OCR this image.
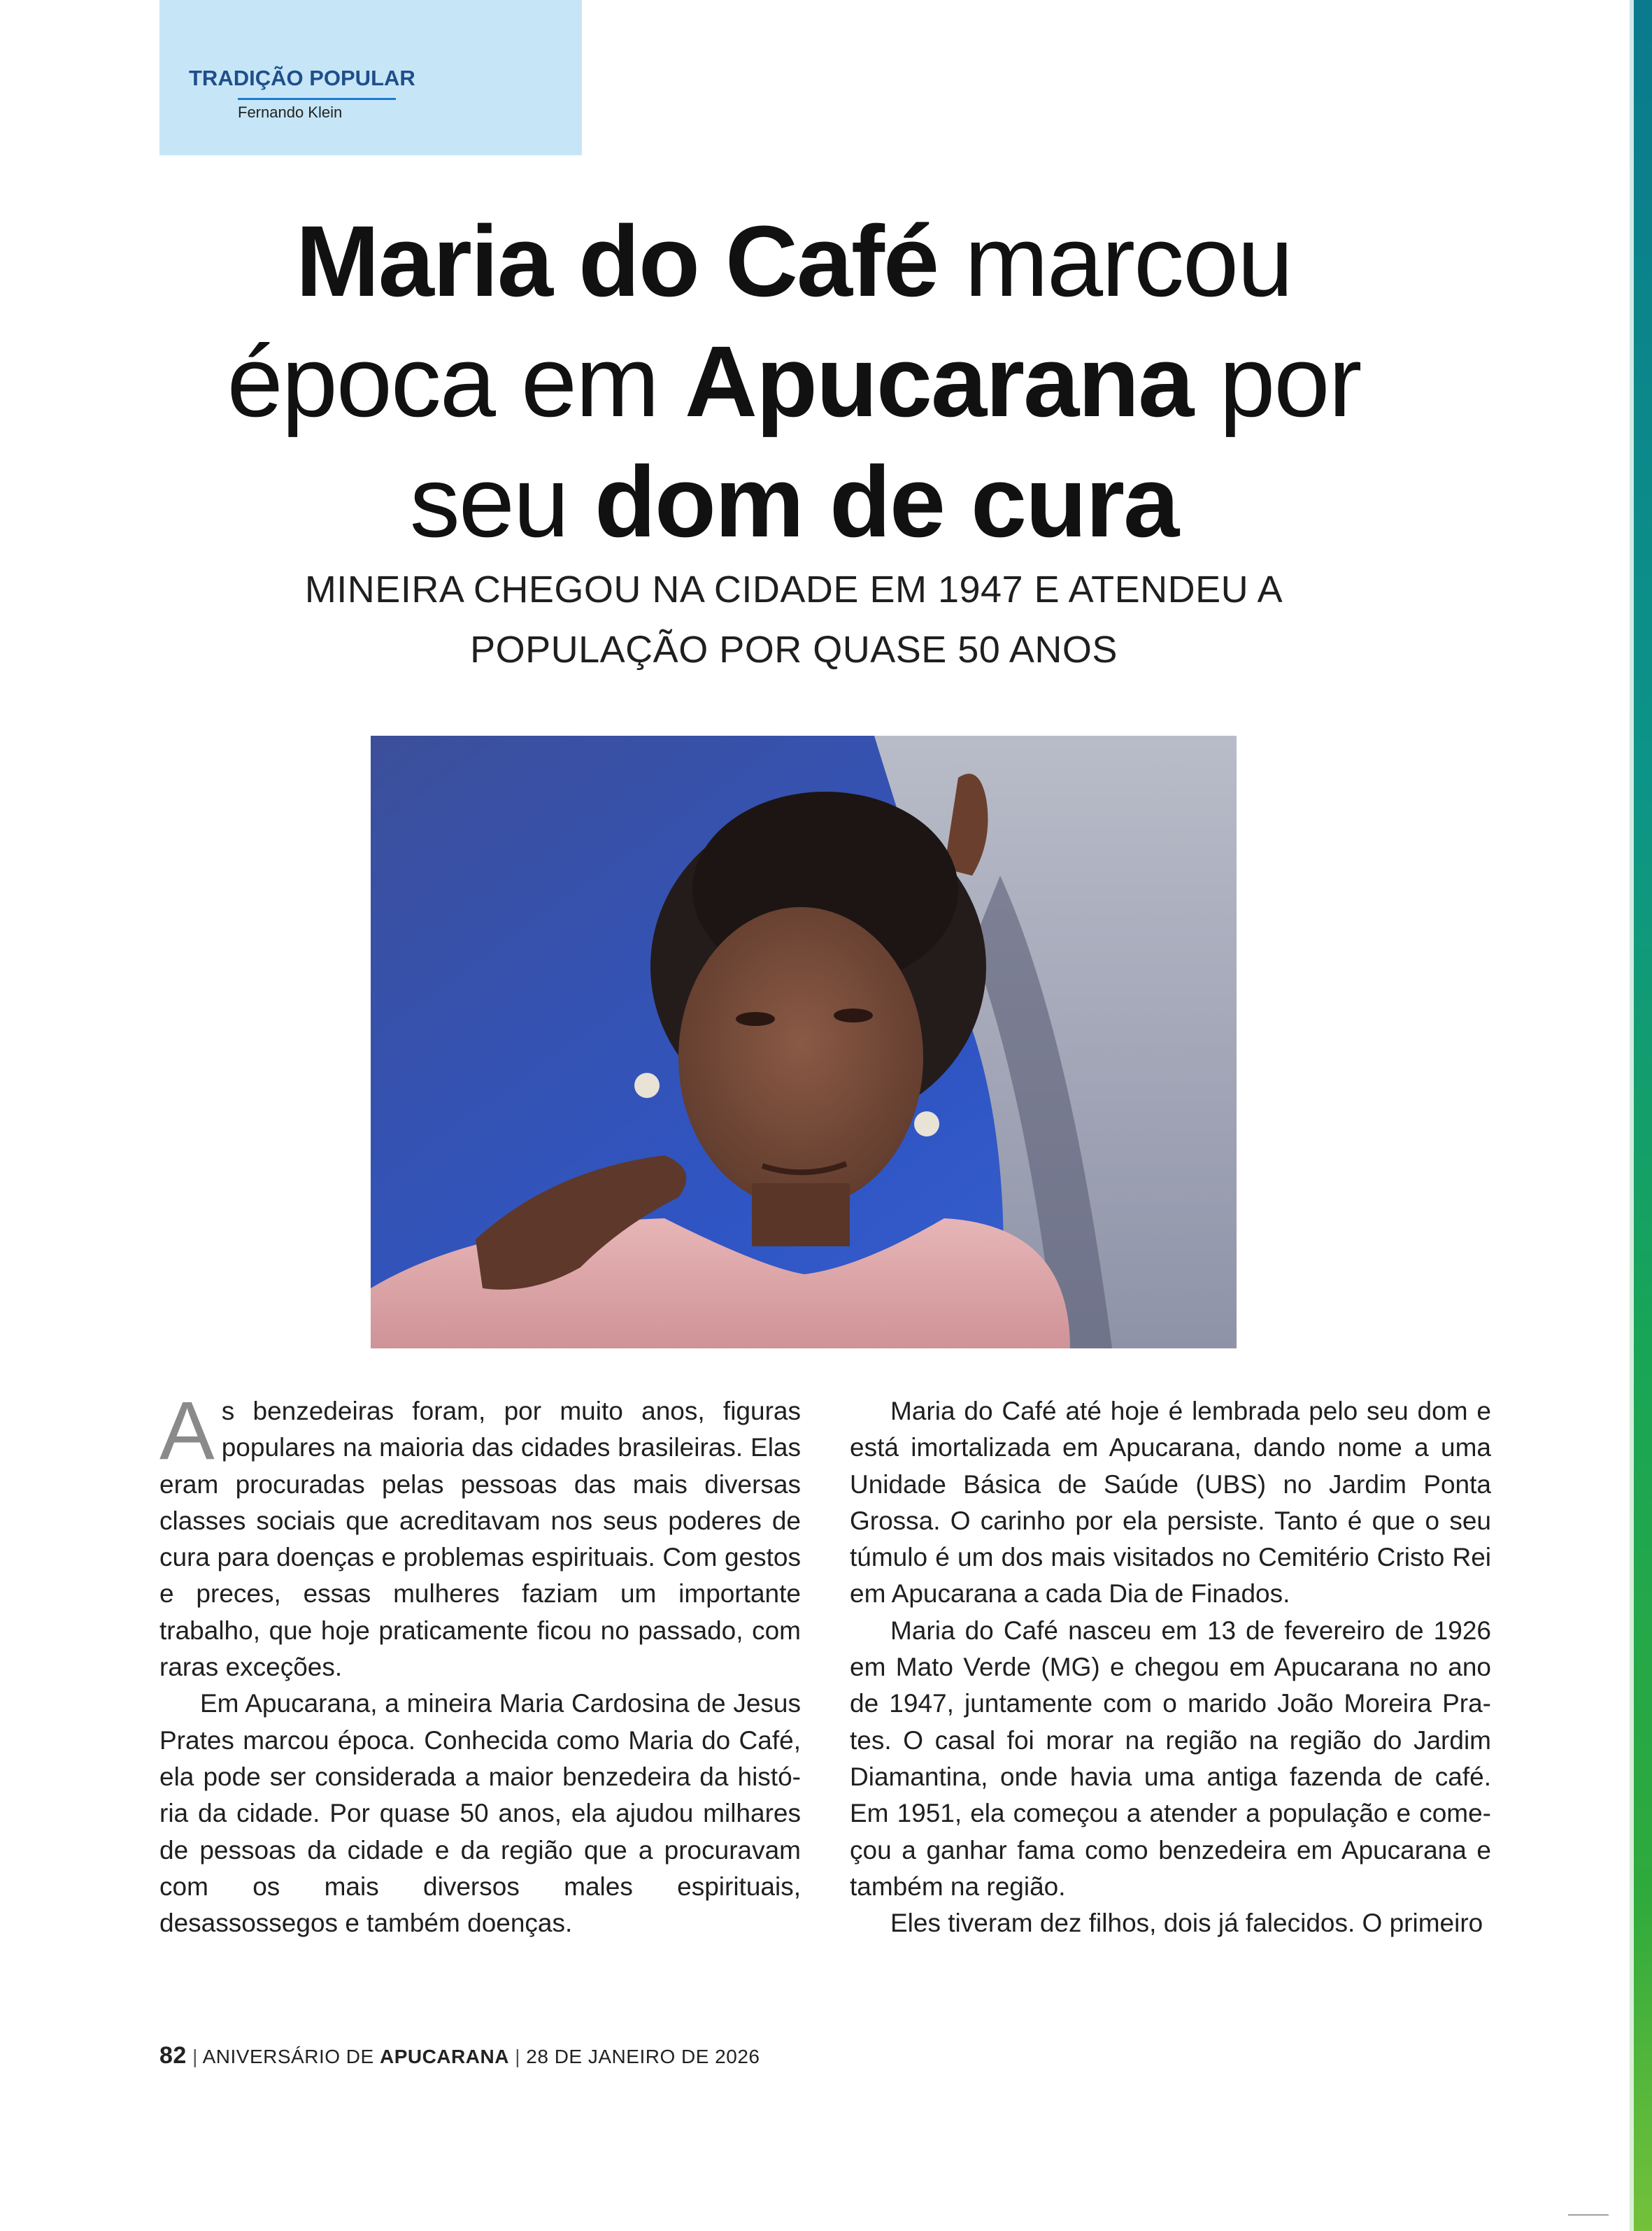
TRADIÇÃO POPULAR
Fernando Klein
Maria do Café marcou
época em Apucarana por
seu dom de cura
MINEIRA CHEGOU NA CIDADE EM 1947 E ATENDEU A
POPULAÇÃO POR QUASE 50 ANOS

As benzedeiras foram, por muito anos, figuras populares na maioria das cidades brasileiras. Elas eram procuradas pelas pessoas das mais diversas classes sociais que acreditavam nos seus poderes de cura para doenças e problemas espirituais. Com gestos e preces, essas mulheres faziam um importante trabalho, que hoje praticamente ficou no passado, com raras exceções.

Em Apucarana, a mineira Maria Cardosina de Jesus Prates marcou época. Conhecida como Maria do Café, ela pode ser considerada a maior benzedeira da história da cidade. Por quase 50 anos, ela ajudou milhares de pessoas da cidade e da região que a procuravam com os mais diversos males espirituais, desassossegos e também doenças.

Maria do Café até hoje é lembrada pelo seu dom e está imortalizada em Apucarana, dando nome a uma Unidade Básica de Saúde (UBS) no Jardim Ponta Grossa. O carinho por ela persiste. Tanto é que o seu túmulo é um dos mais visitados no Cemitério Cristo Rei em Apucarana a cada Dia de Finados.

Maria do Café nasceu em 13 de fevereiro de 1926 em Mato Verde (MG) e chegou em Apucarana no ano de 1947, juntamente com o marido João Moreira Prates. O casal foi morar na região na região do Jardim Diamantina, onde havia uma antiga fazenda de café. Em 1951, ela começou a atender a população e começou a ganhar fama como benzedeira em Apucarana e também na região.

Eles tiveram dez filhos, dois já falecidos. O primeiro

82 | ANIVERSÁRIO DE APUCARANA | 28 DE JANEIRO DE 2026
